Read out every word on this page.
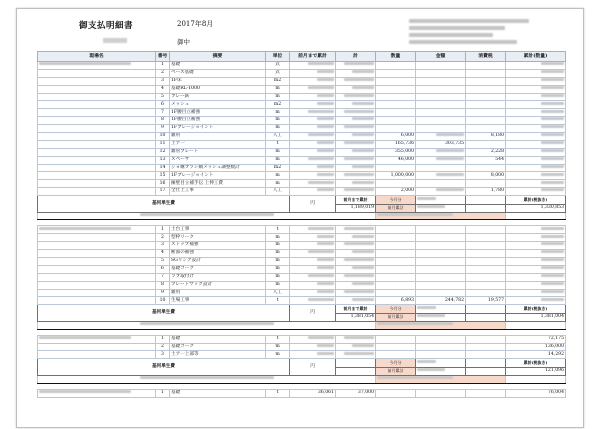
御支払明細書	2017年8月
御中
現場名	番号	摘要	単位	前月まで累計	計	数量	金額	消費税	累計(数量)
	1	基礎	式						
	2	ベース基礎	式						
	3	1F床	m2						
	4	基礎RL-1000	m						
	5	ブレー鉄	m						
	6	メッシュ	m2						
	7	1F腰目立補強	m						
	8	1F腰目立補強	m						
	9	1Fブレージョイント	m						
	10	雑用	人工			6,000		8,180	
	11	土ア一	t			165,736	303,735		
	12	雑管プレート	m			355,000		2,228	
	13	スペーサ	m			46,000		544	
	14	ジョ継ブラシ網メッシュ調整数計	m2						
	15	1Fブレージョイント	m			1,000,000		8,000	
	16	擁壁目立補手伝 上伸工費	m						
	17	全仕上工事	人工			2,000		1,780	
基何単生費				円	前月まで累計	今月分			累計(税抜き)
					1,189,019	前月累計			1,330,853

	1	土台工事	t						
	2	型枠リーク	m						
	3	ストップ補強	m						
	4	断面の補強	m						
	5	SGリング設計	m						
	6	基礎コーク	m						
	7	ラブ取付け	m						
	8	プレートサック設計	m						
	9	雑用	人工						
	10	生場工事	t			6,893	244,782	19,577	
基何単生費				円	前月まで累計	今月分			累計(税抜き)
					1,381,054	前月累計			1,381,004

	1	基礎	t						72,175
	2	基礎コーク	m						136,000
	3	土ア一上部等	m						14,292
基何単生費				円		今月分			累計(税抜き)
						前月累計			121,096

	1	基礎	t	36,061	37,000				76,004
